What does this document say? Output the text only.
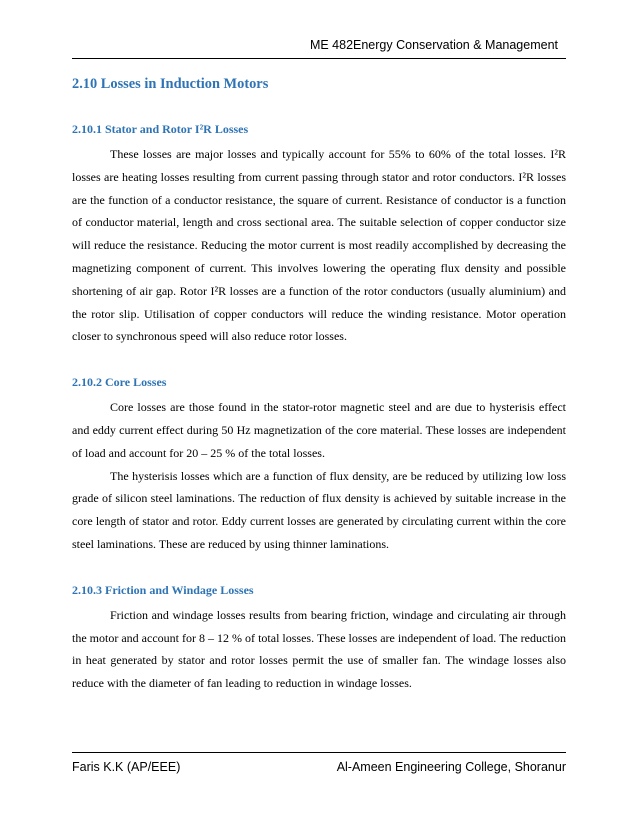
ME 482Energy Conservation & Management
2.10 Losses in Induction Motors
2.10.1 Stator and Rotor I²R Losses

These losses are major losses and typically account for 55% to 60% of the total losses. I²R losses are heating losses resulting from current passing through stator and rotor conductors. I²R losses are the function of a conductor resistance, the square of current. Resistance of conductor is a function of conductor material, length and cross sectional area. The suitable selection of copper conductor size will reduce the resistance. Reducing the motor current is most readily accomplished by decreasing the magnetizing component of current. This involves lowering the operating flux density and possible shortening of air gap. Rotor I²R losses are a function of the rotor conductors (usually aluminium) and the rotor slip. Utilisation of copper conductors will reduce the winding resistance. Motor operation closer to synchronous speed will also reduce rotor losses.

2.10.2 Core Losses

Core losses are those found in the stator-rotor magnetic steel and are due to hysterisis effect and eddy current effect during 50 Hz magnetization of the core material. These losses are independent of load and account for 20 – 25 % of the total losses.

The hysterisis losses which are a function of flux density, are be reduced by utilizing low loss grade of silicon steel laminations. The reduction of flux density is achieved by suitable increase in the core length of stator and rotor. Eddy current losses are generated by circulating current within the core steel laminations. These are reduced by using thinner laminations.

2.10.3 Friction and Windage Losses

Friction and windage losses results from bearing friction, windage and circulating air through the motor and account for 8 – 12 % of total losses. These losses are independent of load. The reduction in heat generated by stator and rotor losses permit the use of smaller fan. The windage losses also reduce with the diameter of fan leading to reduction in windage losses.

Faris K.K (AP/EEE)	Al-Ameen Engineering College, Shoranur
